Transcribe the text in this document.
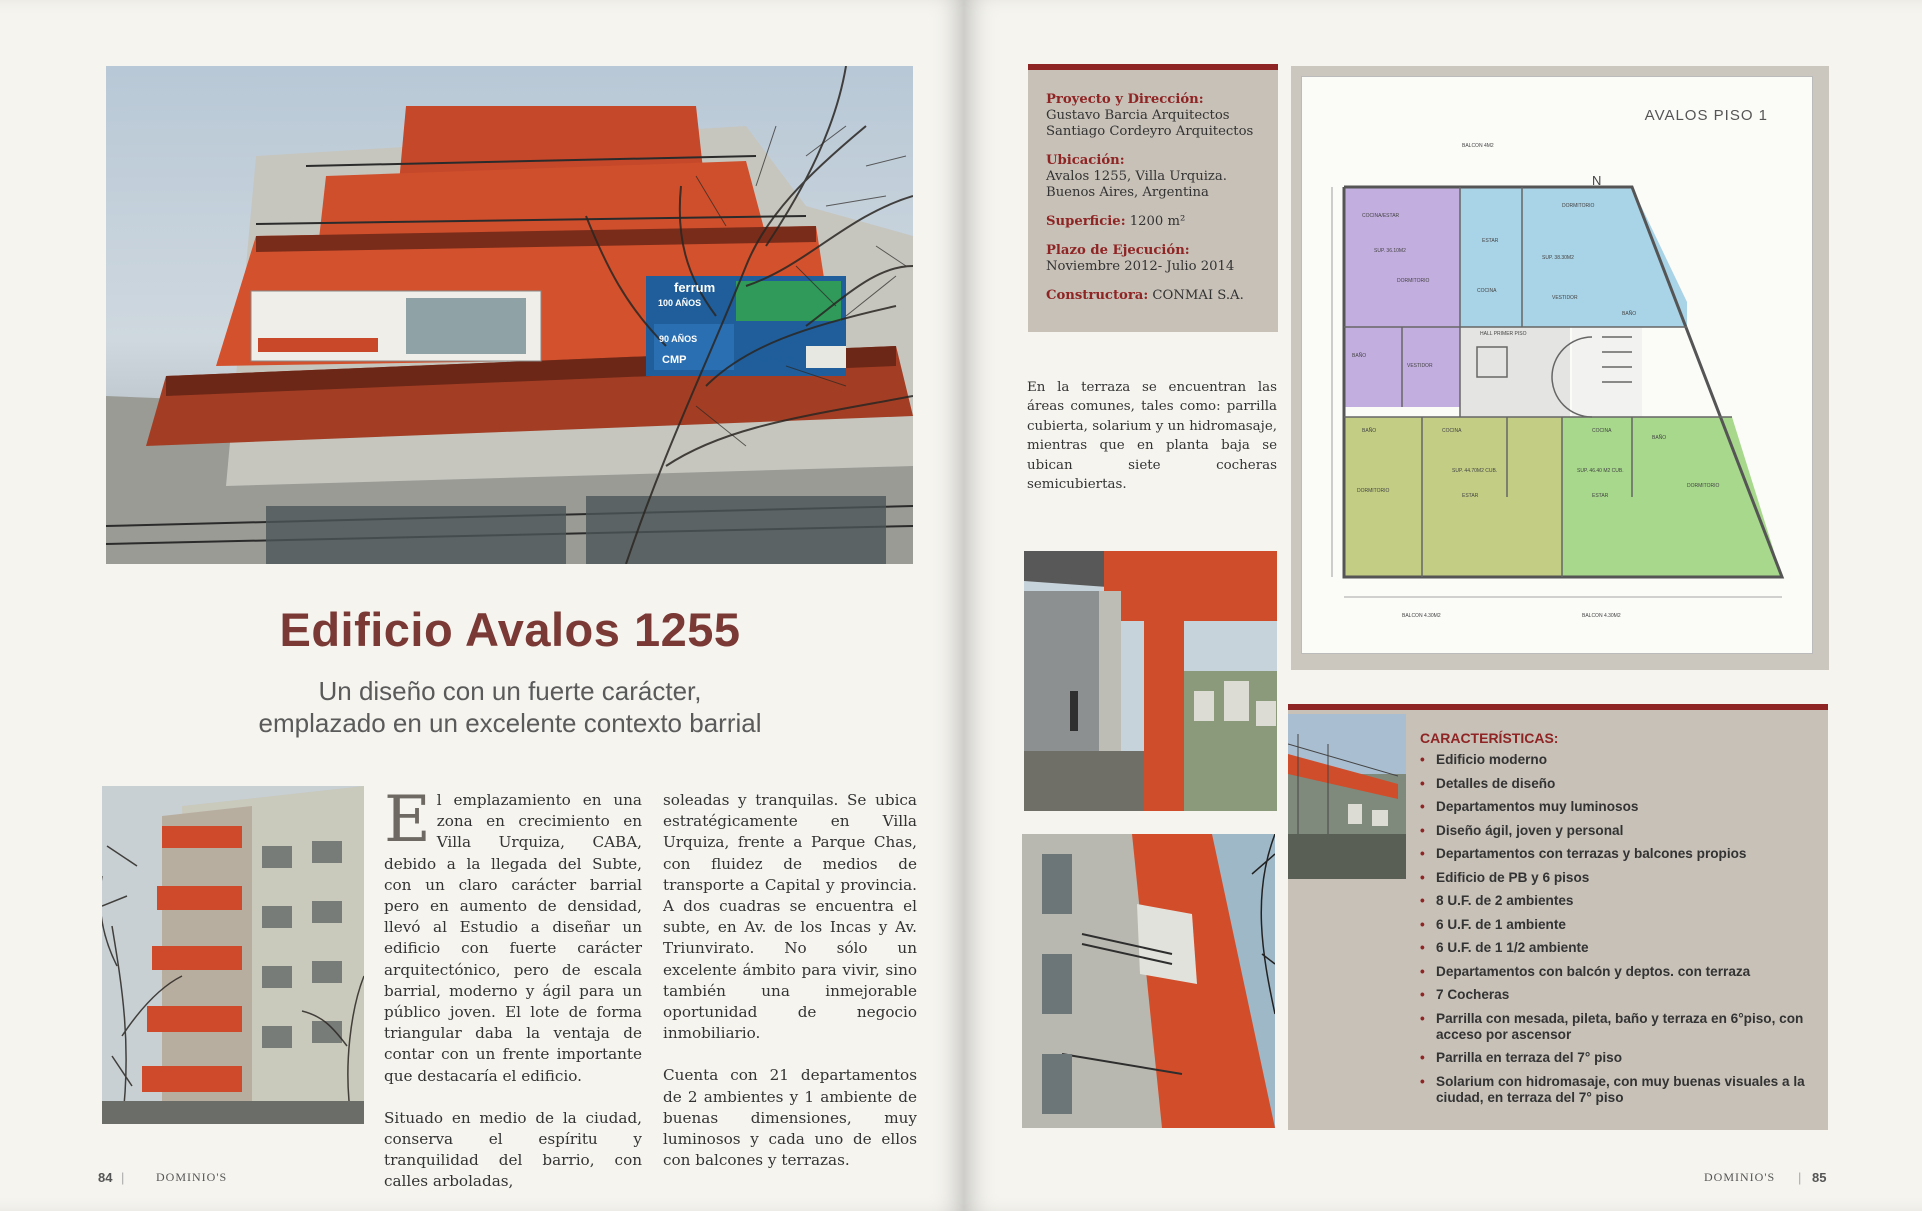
ferrum
100 AÑOS
90 AÑOS
CMP	PRADO
Edificio Avalos 1255
Un diseño con un fuerte carácter,
emplazado en un excelente contexto barrial

El emplazamiento en una zona en crecimiento en Villa Urquiza, CABA, debido a la llegada del Subte, con un claro carácter barrial pero en aumento de densidad, llevó al Estudio a diseñar un edificio con fuerte carácter arquitectónico, pero de escala barrial, moderno y ágil para un público joven. El lote de forma triangular daba la ventaja de contar con un frente importante que destacaría el edificio.

Situado en medio de la ciudad, conserva el espíritu y tranquilidad del barrio, con calles arboladas,

soleadas y tranquilas. Se ubica estratégicamente en Villa Urquiza, frente a Parque Chas, con fluidez de medios de transporte a Capital y provincia. A dos cuadras se encuentra el subte, en Av. de los Incas y Av. Triunvirato. No sólo un excelente ámbito para vivir, sino también una inmejorable oportunidad de negocio inmobiliario.

Cuenta con 21 departamentos de 2 ambientes y 1 ambiente de buenas dimensiones, muy luminosos y cada uno de ellos con balcones y terrazas.

84 |	DOMINIO'S
Proyecto y Dirección:
Gustavo Barcia Arquitectos
Santiago Cordeyro Arquitectos
Ubicación:
Avalos 1255, Villa Urquiza.
Buenos Aires, Argentina
Superficie: 1200 m²
Plazo de Ejecución:
Noviembre 2012- Julio 2014
Constructora: CONMAI S.A.

En la terraza se encuentran las áreas comunes, tales como: parrilla cubierta, solarium y un hidromasaje, mientras que en planta baja se ubican siete cocheras semicubiertas.

AVALOS PISO 1
N
COCINA/ESTAR
SUP. 36.10M2
DORMITORIO
BAÑO
VESTIDOR
DORMITORIO
ESTAR
SUP. 38.30M2
COCINA
VESTIDOR
BAÑO
HALL PRIMER PISO
BAÑO	COCINA
DORMITORIO
SUP. 44.70M2 CUB.
ESTAR
COCINA
BAÑO
SUP. 46.40 M2 CUB.
ESTAR
DORMITORIO
BALCON 4M2
BALCON 4.30M2	BALCON 4.30M2
CARACTERÍSTICAS:
• Edificio moderno
• Detalles de diseño
• Departamentos muy luminosos
• Diseño ágil, joven y personal
• Departamentos con terrazas y balcones propios
• Edificio de PB y 6 pisos
• 8 U.F. de 2 ambientes
• 6 U.F. de 1 ambiente
• 6 U.F. de 1 1/2 ambiente
• Departamentos con balcón y deptos. con terraza
• 7 Cocheras
• Parrilla con mesada, pileta, baño y terraza en 6°piso, con acceso por ascensor
• Parrilla en terraza del 7° piso
• Solarium con hidromasaje, con muy buenas visuales a la ciudad, en terraza del 7° piso
DOMINIO'S | 85
